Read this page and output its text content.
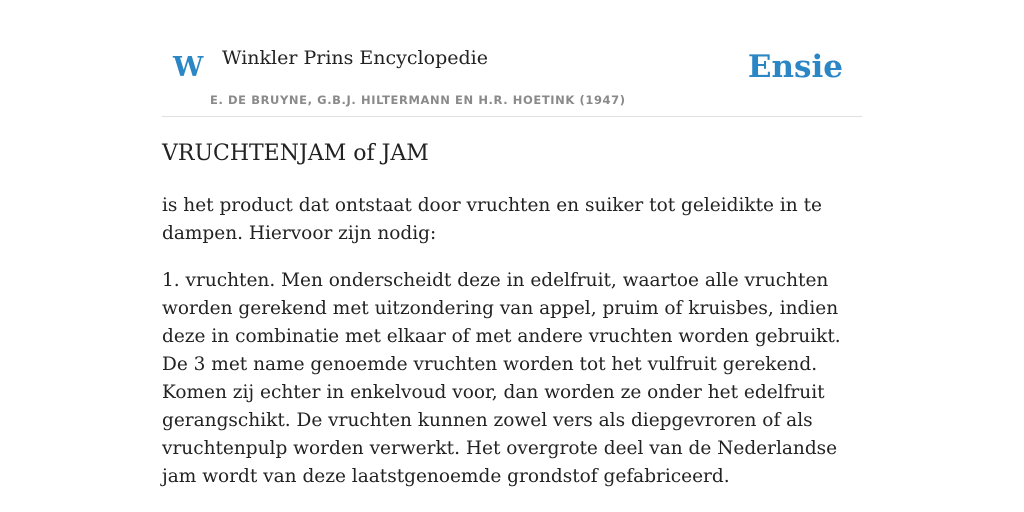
W Winkler Prins Encyclopedie
E. DE BRUYNE, G.B.J. HILTERMANN EN H.R. HOETINK (1947)
Ensie
VRUCHTENJAM of JAM

is het product dat ontstaat door vruchten en suiker tot geleidikte in te dampen. Hiervoor zijn nodig:

1. vruchten. Men onderscheidt deze in edelfruit, waartoe alle vruchten worden gerekend met uitzondering van appel, pruim of kruisbes, indien deze in combinatie met elkaar of met andere vruchten worden gebruikt. De 3 met name genoemde vruchten worden tot het vulfruit gerekend. Komen zij echter in enkelvoud voor, dan worden ze onder het edelfruit gerangschikt. De vruchten kunnen zowel vers als diepgevroren of als vruchtenpulp worden verwerkt. Het overgrote deel van de Nederlandse jam wordt van deze laatstgenoemde grondstof gefabriceerd.
